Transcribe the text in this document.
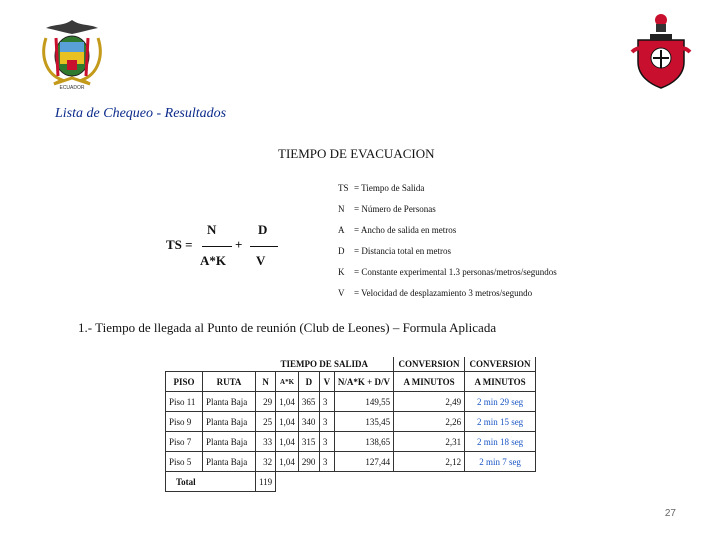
ECUADOR
Lista de Chequeo - Resultados
TIEMPO DE EVACUACION
TS =
N
A*K
+
D
V
TS = Tiempo de Salida
N = Número de Personas
A = Ancho de salida en metros
D = Distancia total en metros
K = Constante experimental 1.3 personas/metros/segundos
V = Velocidad de desplazamiento 3 metros/segundo
1.- Tiempo de llegada al Punto de reunión (Club de Leones) – Formula Aplicada
		TIEMPO DE SALIDA					CONVERSION	CONVERSION
PISO	RUTA	N	A*K	D	V	N/A*K + D/V	A MINUTOS	A MINUTOS
Piso 11	Planta Baja	29	1,04	365	3	149,55	2,49	2 min 29 seg
Piso 9	Planta Baja	25	1,04	340	3	135,45	2,26	2 min 15 seg
Piso 7	Planta Baja	33	1,04	315	3	138,65	2,31	2 min 18 seg
Piso 5	Planta Baja	32	1,04	290	3	127,44	2,12	2 min 7 seg
Total		119						
27
